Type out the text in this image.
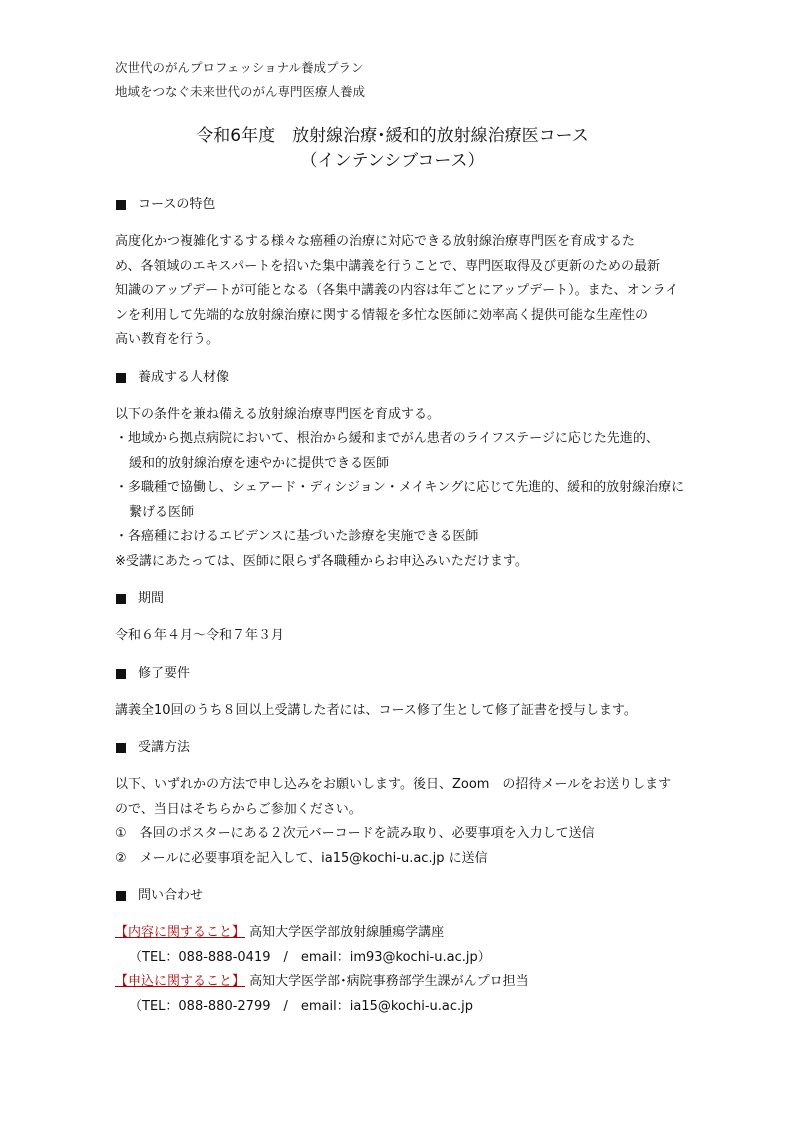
次世代のがんプロフェッショナル養成プラン
地域をつなぐ未来世代のがん専門医療人養成
令和6年度　放射線治療･緩和的放射線治療医コース
（インテンシブコース）
コースの特色
高度化かつ複雑化するする様々な癌種の治療に対応できる放射線治療専門医を育成するた
め、各領域のエキスパートを招いた集中講義を行うことで、専門医取得及び更新のための最新
知識のアップデートが可能となる（各集中講義の内容は年ごとにアップデート）。また、オンライ
ンを利用して先端的な放射線治療に関する情報を多忙な医師に効率高く提供可能な生産性の
高い教育を行う。
養成する人材像
以下の条件を兼ね備える放射線治療専門医を育成する。
・地域から拠点病院において、根治から緩和までがん患者のライフステージに応じた先進的、
緩和的放射線治療を速やかに提供できる医師
・多職種で協働し、シェアード・ディシジョン・メイキングに応じて先進的、緩和的放射線治療に
繋げる医師
・各癌種におけるエビデンスに基づいた診療を実施できる医師
※受講にあたっては、医師に限らず各職種からお申込みいただけます。
期間
令和６年４月～令和７年３月
修了要件
講義全10回のうち８回以上受講した者には、コース修了生として修了証書を授与します。
受講方法
以下、いずれかの方法で申し込みをお願いします。後日、Zoom　の招待メールをお送りします
ので、当日はそちらからご参加ください。
①　各回のポスターにある２次元バーコードを読み取り、必要事項を入力して送信
②　メールに必要事項を記入して、ia15@kochi-u.ac.jp に送信
問い合わせ
【内容に関すること】 高知大学医学部放射線腫瘍学講座
（TEL：088-888-0419　/　email：im93@kochi-u.ac.jp）
【申込に関すること】 高知大学医学部･病院事務部学生課がんプロ担当
（TEL：088-880-2799　/　email：ia15@kochi-u.ac.jp
